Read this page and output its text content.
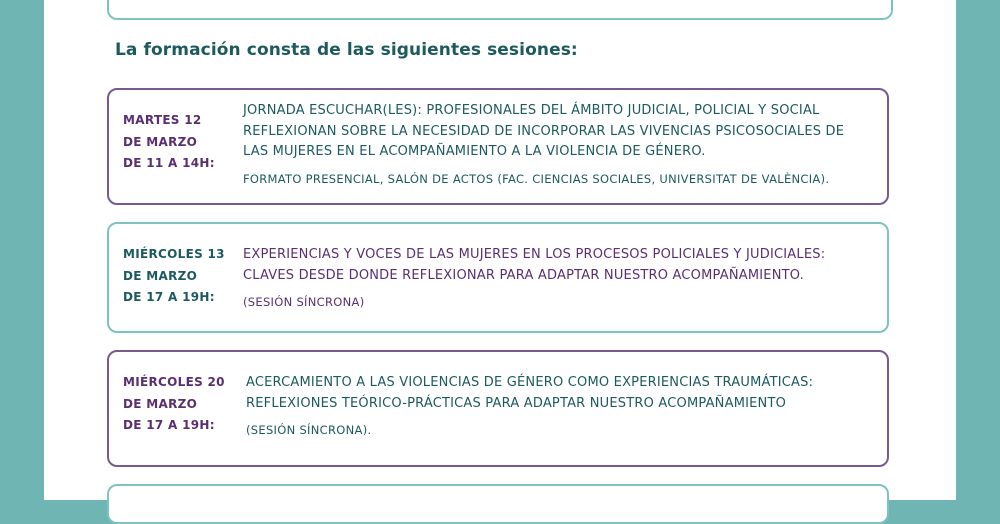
La formación consta de las siguientes sesiones:
MARTES 12
DE MARZO
DE 11 A 14H:
JORNADA ESCUCHAR(LES): PROFESIONALES DEL ÁMBITO JUDICIAL, POLICIAL Y SOCIAL
REFLEXIONAN SOBRE LA NECESIDAD DE INCORPORAR LAS VIVENCIAS PSICOSOCIALES DE
LAS MUJERES EN EL ACOMPAÑAMIENTO A LA VIOLENCIA DE GÉNERO.
FORMATO PRESENCIAL, SALÓN DE ACTOS (FAC. CIENCIAS SOCIALES, UNIVERSITAT DE VALÈNCIA).
MIÉRCOLES 13
DE MARZO
DE 17 A 19H:
EXPERIENCIAS Y VOCES DE LAS MUJERES EN LOS PROCESOS POLICIALES Y JUDICIALES:
CLAVES DESDE DONDE REFLEXIONAR PARA ADAPTAR NUESTRO ACOMPAÑAMIENTO.
(SESIÓN SÍNCRONA)
MIÉRCOLES 20
DE MARZO
DE 17 A 19H:
ACERCAMIENTO A LAS VIOLENCIAS DE GÉNERO COMO EXPERIENCIAS TRAUMÁTICAS:
REFLEXIONES TEÓRICO-PRÁCTICAS PARA ADAPTAR NUESTRO ACOMPAÑAMIENTO
(SESIÓN SÍNCRONA).
